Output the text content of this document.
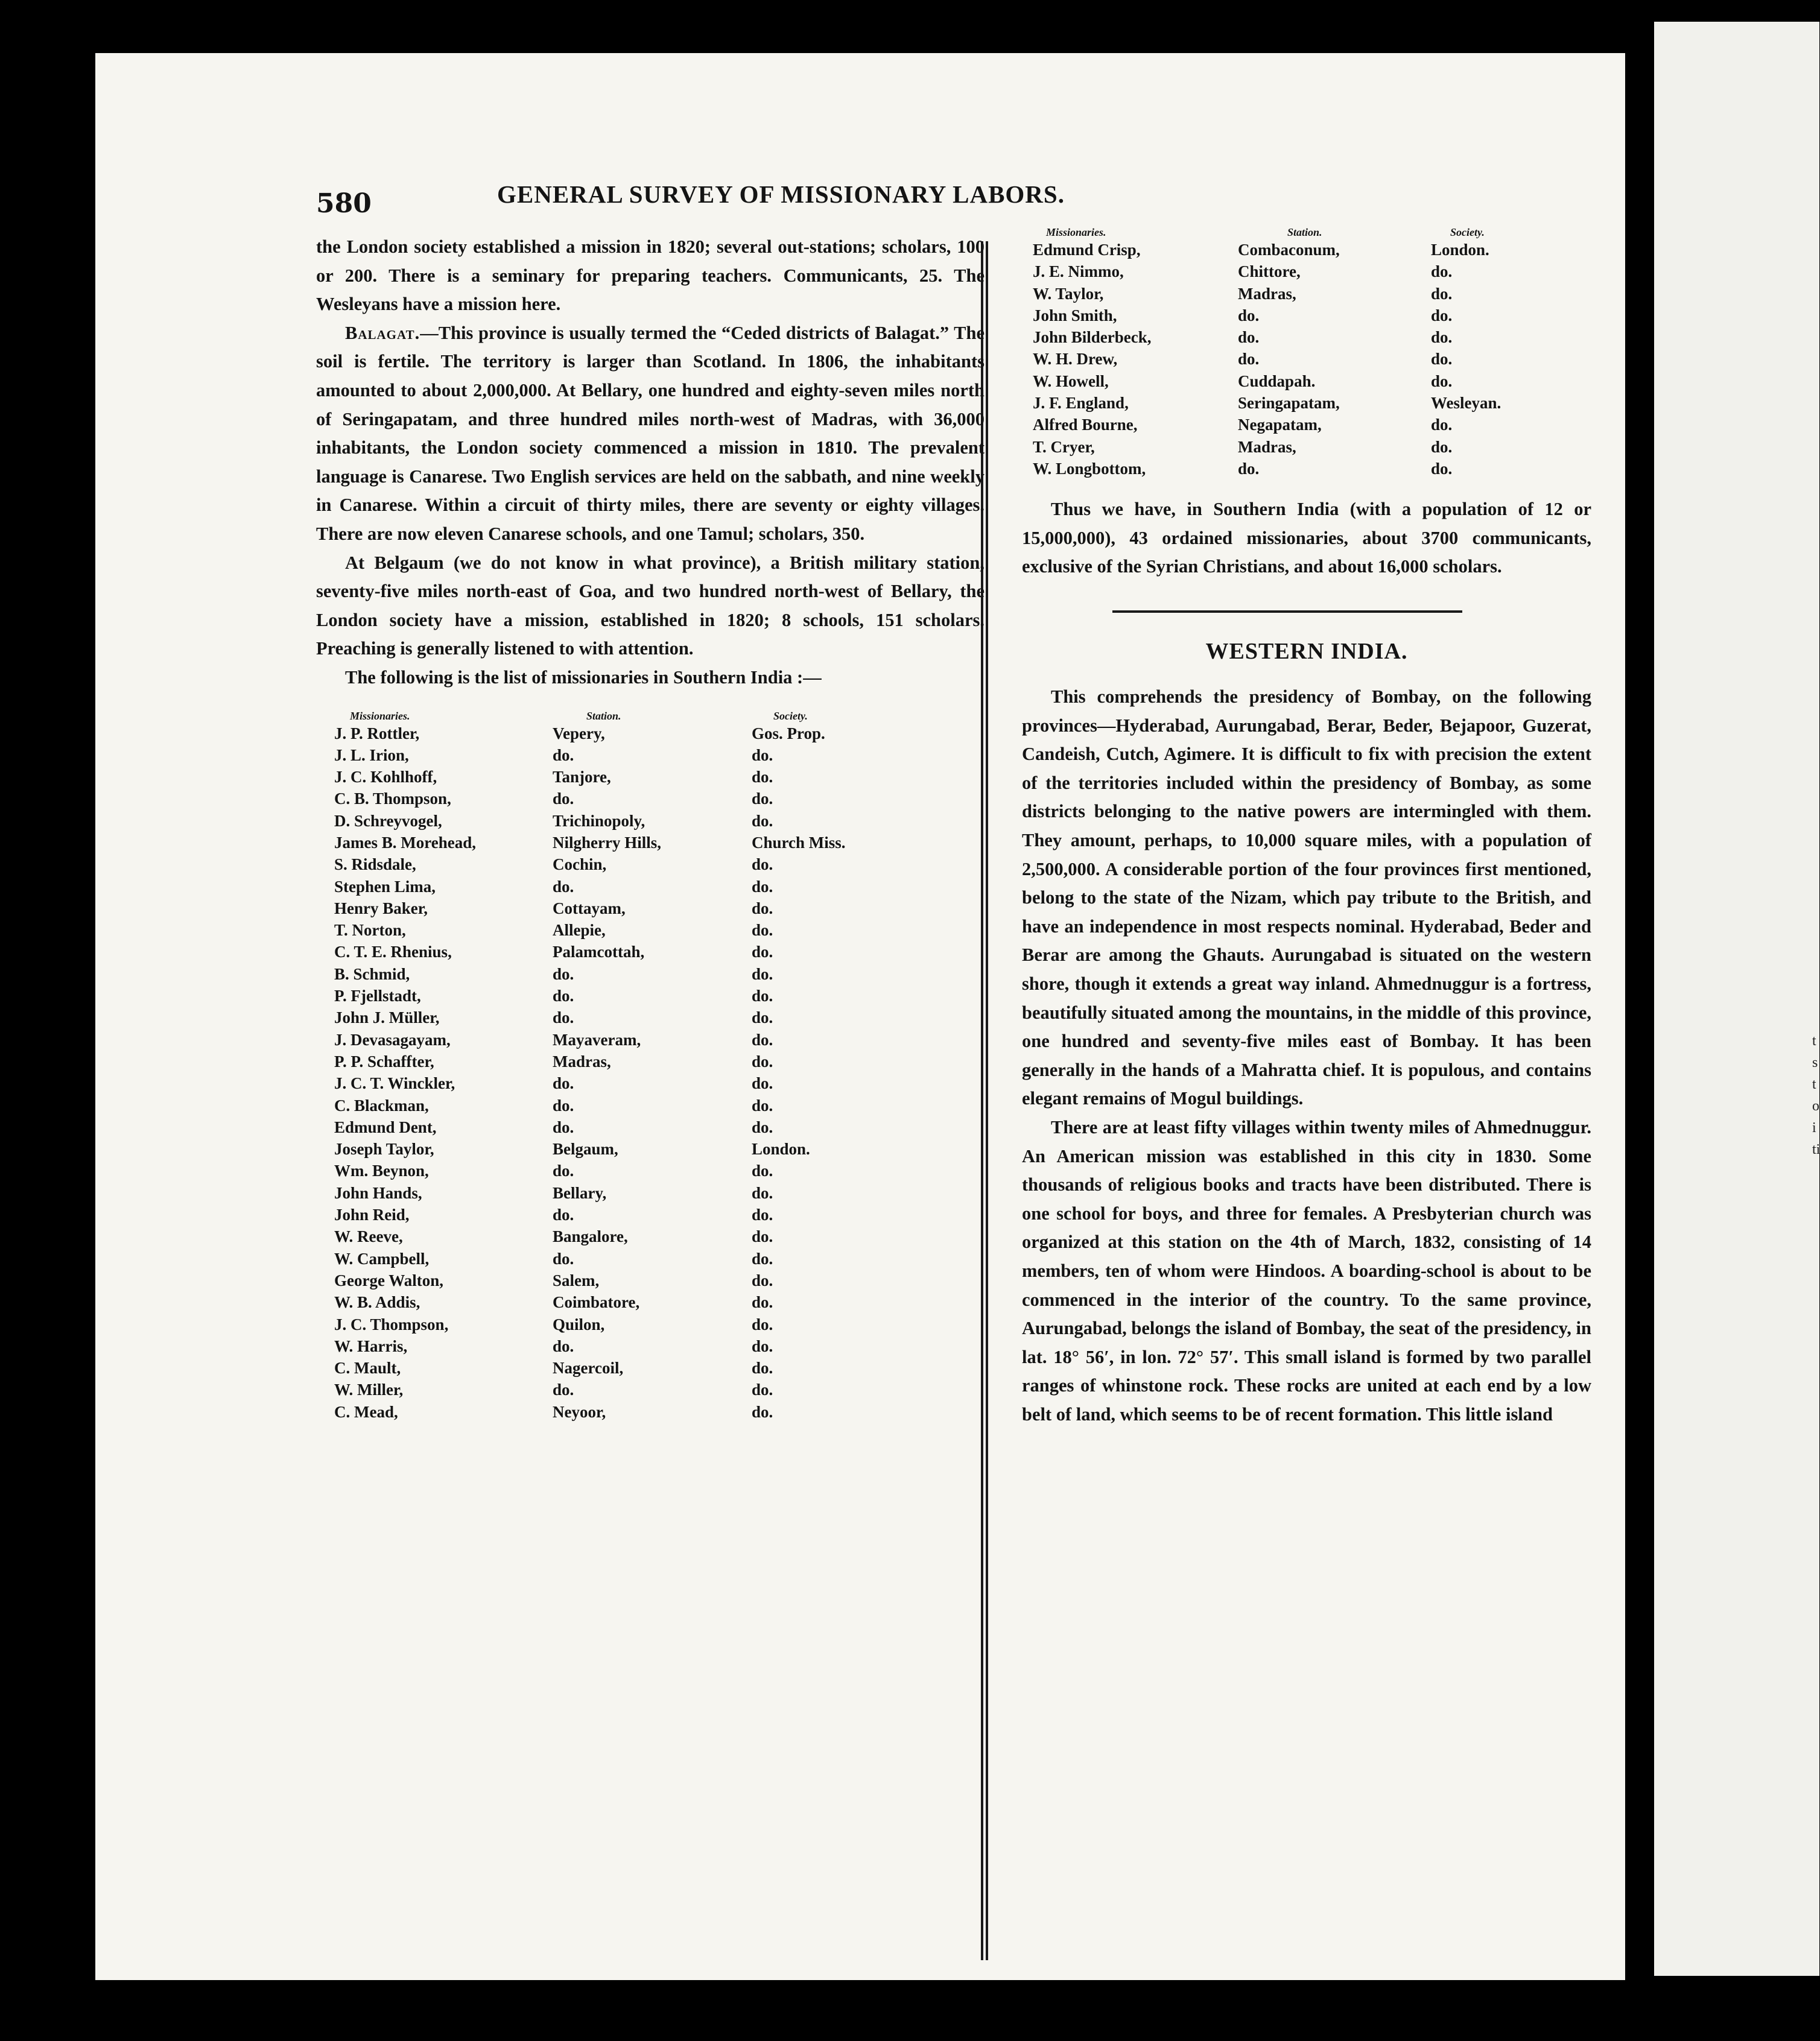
580	GENERAL SURVEY OF MISSIONARY LABORS.

the London society established a mission in 1820; several out-stations; scholars, 100 or 200. There is a seminary for preparing teachers. Communicants, 25. The Wesleyans have a mission here.

Balagat.—This province is usually termed the “Ceded districts of Balagat.” The soil is fertile. The territory is larger than Scotland. In 1806, the inhabitants amounted to about 2,000,000. At Bellary, one hundred and eighty-seven miles north of Seringapatam, and three hundred miles north-west of Madras, with 36,000 inhabitants, the London society commenced a mission in 1810. The prevalent language is Canarese. Two English services are held on the sabbath, and nine weekly in Canarese. Within a circuit of thirty miles, there are seventy or eighty villages. There are now eleven Canarese schools, and one Tamul; scholars, 350.

At Belgaum (we do not know in what province), a British military station, seventy-five miles north-east of Goa, and two hundred north-west of Bellary, the London society have a mission, established in 1820; 8 schools, 151 scholars. Preaching is generally listened to with attention.

The following is the list of missionaries in Southern India :—

Missionaries.	Station.	Society.
J. P. Rottler,	Vepery,	Gos. Prop.
J. L. Irion,	do.	do.
J. C. Kohlhoff,	Tanjore,	do.
C. B. Thompson,	do.	do.
D. Schreyvogel,	Trichinopoly,	do.
James B. Morehead,	Nilgherry Hills,	Church Miss.
S. Ridsdale,	Cochin,	do.
Stephen Lima,	do.	do.
Henry Baker,	Cottayam,	do.
T. Norton,	Allepie,	do.
C. T. E. Rhenius,	Palamcottah,	do.
B. Schmid,	do.	do.
P. Fjellstadt,	do.	do.
John J. Müller,	do.	do.
J. Devasagayam,	Mayaveram,	do.
P. P. Schaffter,	Madras,	do.
J. C. T. Winckler,	do.	do.
C. Blackman,	do.	do.
Edmund Dent,	do.	do.
Joseph Taylor,	Belgaum,	London.
Wm. Beynon,	do.	do.
John Hands,	Bellary,	do.
John Reid,	do.	do.
W. Reeve,	Bangalore,	do.
W. Campbell,	do.	do.
George Walton,	Salem,	do.
W. B. Addis,	Coimbatore,	do.
J. C. Thompson,	Quilon,	do.
W. Harris,	do.	do.
C. Mault,	Nagercoil,	do.
W. Miller,	do.	do.
C. Mead,	Neyoor,	do.
Missionaries.	Station.	Society.
Edmund Crisp,	Combaconum,	London.
J. E. Nimmo,	Chittore,	do.
W. Taylor,	Madras,	do.
John Smith,	do.	do.
John Bilderbeck,	do.	do.
W. H. Drew,	do.	do.
W. Howell,	Cuddapah.	do.
J. F. England,	Seringapatam,	Wesleyan.
Alfred Bourne,	Negapatam,	do.
T. Cryer,	Madras,	do.
W. Longbottom,	do.	do.

Thus we have, in Southern India (with a population of 12 or 15,000,000), 43 ordained missionaries, about 3700 communicants, exclusive of the Syrian Christians, and about 16,000 scholars.

WESTERN INDIA.

This comprehends the presidency of Bombay, on the following provinces—Hyderabad, Aurungabad, Berar, Beder, Bejapoor, Guzerat, Candeish, Cutch, Agimere. It is difficult to fix with precision the extent of the territories included within the presidency of Bombay, as some districts belonging to the native powers are intermingled with them. They amount, perhaps, to 10,000 square miles, with a population of 2,500,000. A considerable portion of the four provinces first mentioned, belong to the state of the Nizam, which pay tribute to the British, and have an independence in most respects nominal. Hyderabad, Beder and Berar are among the Ghauts. Aurungabad is situated on the western shore, though it extends a great way inland. Ahmednuggur is a fortress, beautifully situated among the mountains, in the middle of this province, one hundred and seventy-five miles east of Bombay. It has been generally in the hands of a Mahratta chief. It is populous, and contains elegant remains of Mogul buildings.

There are at least fifty villages within twenty miles of Ahmednuggur. An American mission was established in this city in 1830. Some thousands of religious books and tracts have been distributed. There is one school for boys, and three for females. A Presbyterian church was organized at this station on the 4th of March, 1832, consisting of 14 members, ten of whom were Hindoos. A boarding-school is about to be commenced in the interior of the country. To the same province, Aurungabad, belongs the island of Bombay, the seat of the presidency, in lat. 18° 56′, in lon. 72° 57′. This small island is formed by two parallel ranges of whinstone rock. These rocks are united at each end by a low belt of land, which seems to be of recent formation. This little island

t
s
t
o
i
ti
